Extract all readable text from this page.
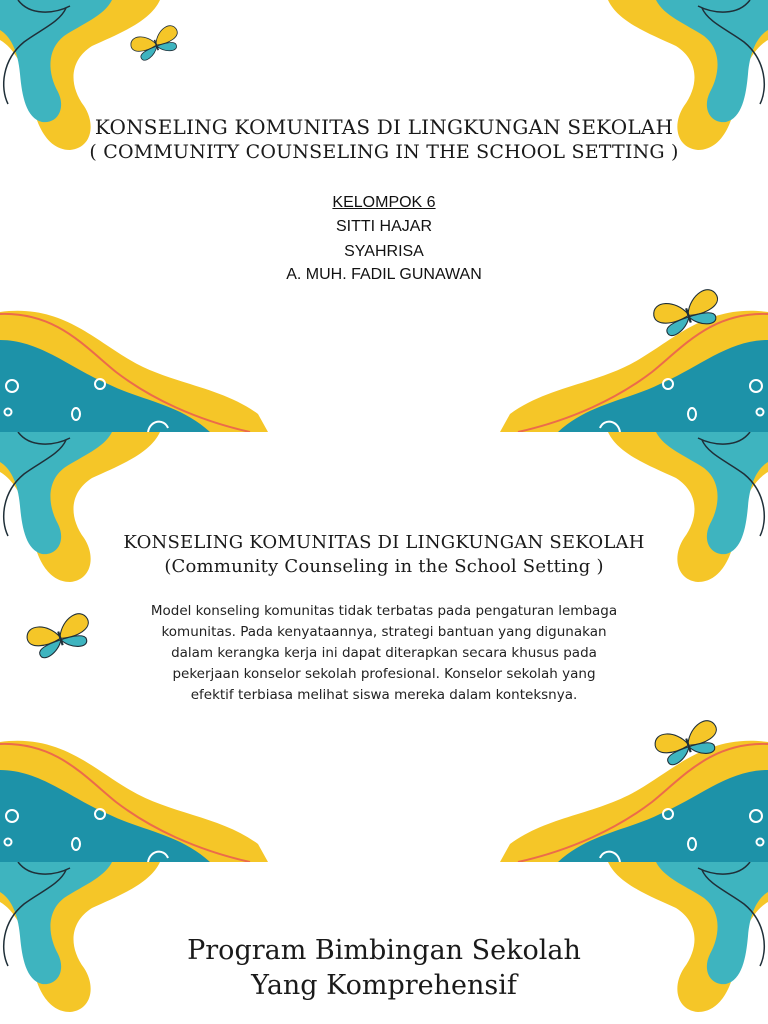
KONSELING KOMUNITAS DI LINGKUNGAN SEKOLAH

( COMMUNITY COUNSELING IN THE SCHOOL SETTING )

KELOMPOK 6

SITTI HAJAR

SYAHRISA

A. MUH. FADIL GUNAWAN

KONSELING KOMUNITAS DI LINGKUNGAN SEKOLAH

(Community Counseling in the School Setting )

Model konseling komunitas tidak terbatas pada pengaturan lembaga komunitas. Pada kenyataannya, strategi bantuan yang digunakan dalam kerangka kerja ini dapat diterapkan secara khusus pada pekerjaan konselor sekolah profesional. Konselor sekolah yang efektif terbiasa melihat siswa mereka dalam konteksnya.

Program Bimbingan Sekolah

Yang Komprehensif
